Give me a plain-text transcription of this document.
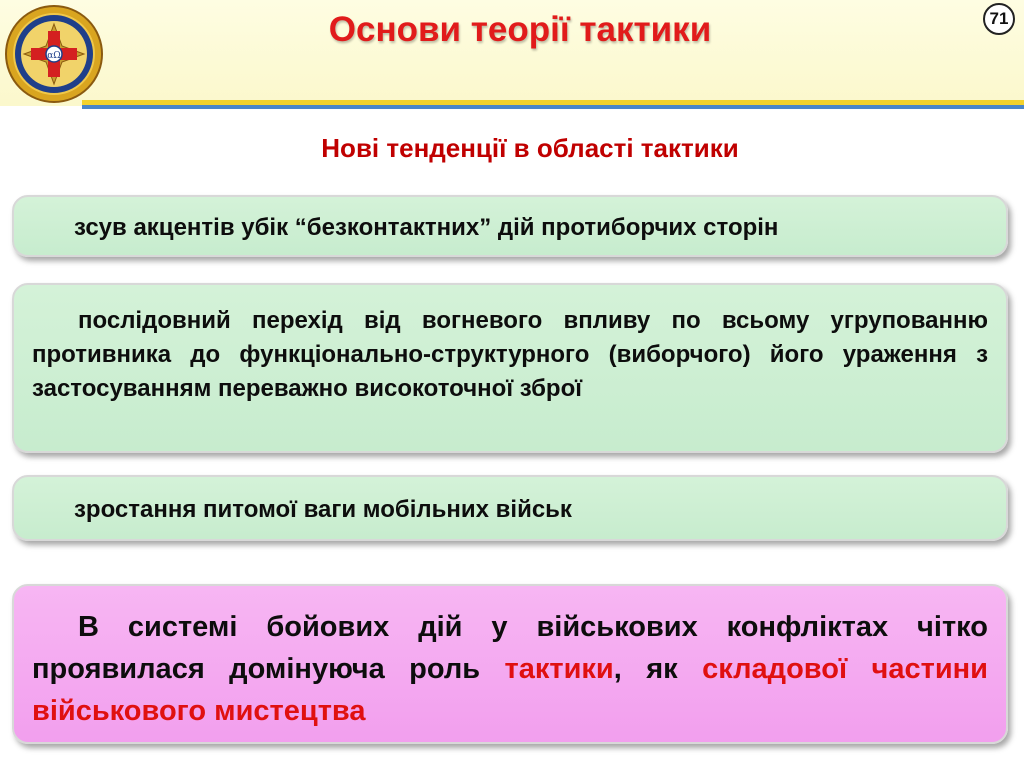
αΩ
Основи теорії тактики	71
Нові тенденції в області тактики
зсув акцентів убік “безконтактних” дій протиборчих сторін
послідовний перехід від вогневого впливу по всьому угрупованню противника до функціонально-структурного (виборчого) його ураження з застосуванням переважно високоточної зброї
зростання питомої ваги мобільних військ
В системі бойових дій у військових конфліктах чітко проявилася домінуюча роль тактики, як складової частини військового мистецтва
